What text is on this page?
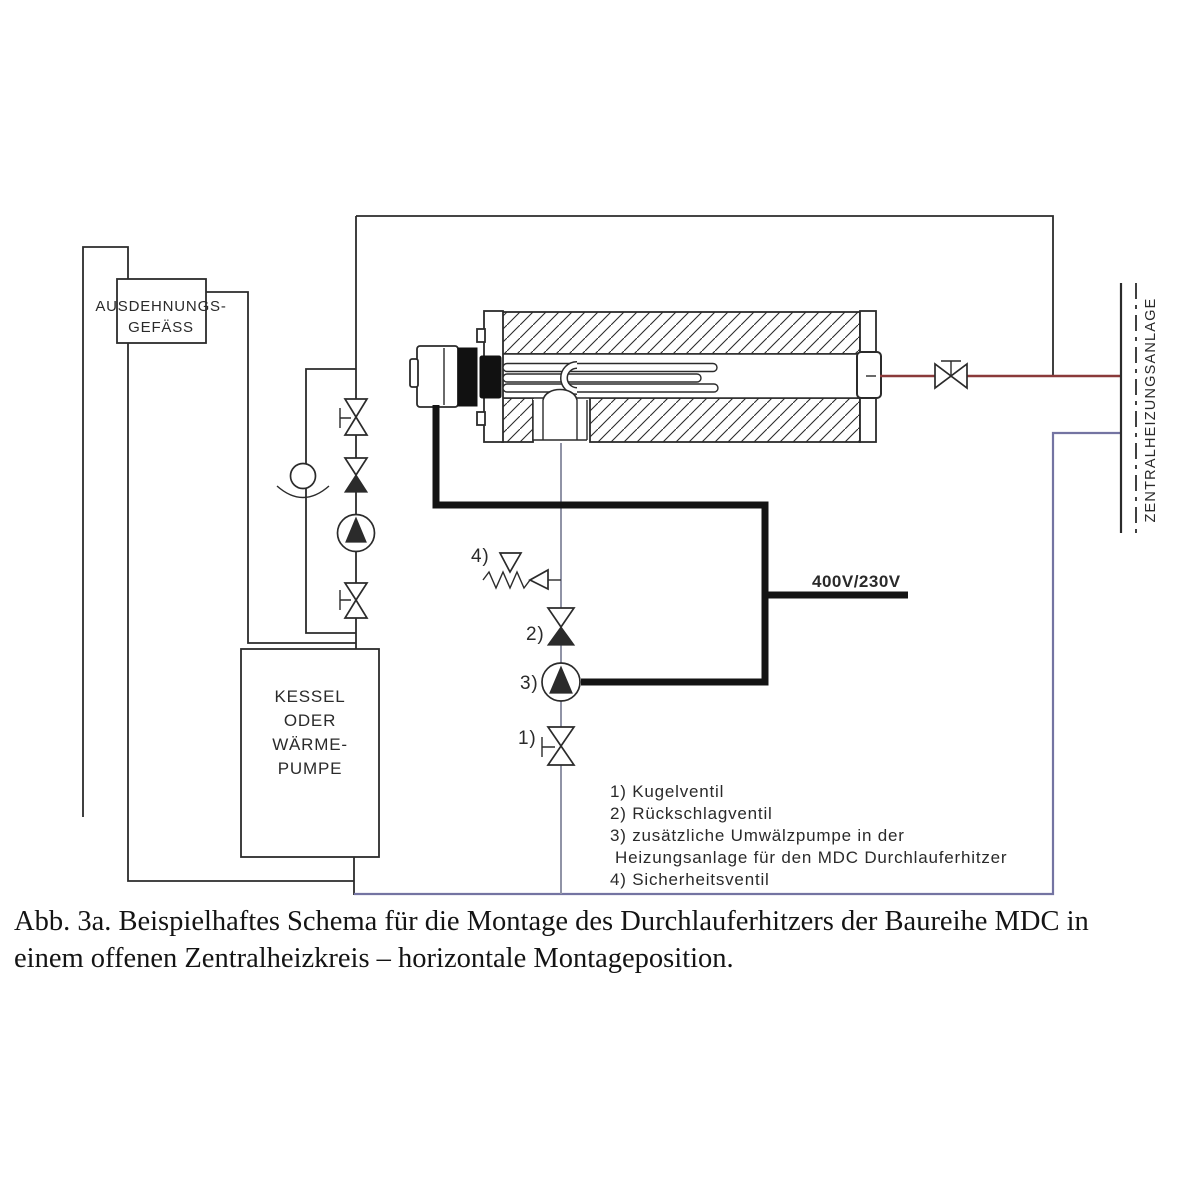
AUSDEHNUNGS-
GEFÄSS
KESSEL
ODER
WÄRME-
PUMPE
ZENTRALHEIZUNGSANLAGE
400V/230V
4)
2)
3)
1)
1) Kugelventil
2) Rückschlagventil
3) zusätzliche Umwälzpumpe in der
Heizungsanlage für den MDC Durchlauferhitzer
4) Sicherheitsventil
Abb. 3a. Beispielhaftes Schema für die Montage des Durchlauferhitzers der Baureihe MDC in
einem offenen Zentralheizkreis – horizontale Montageposition.
